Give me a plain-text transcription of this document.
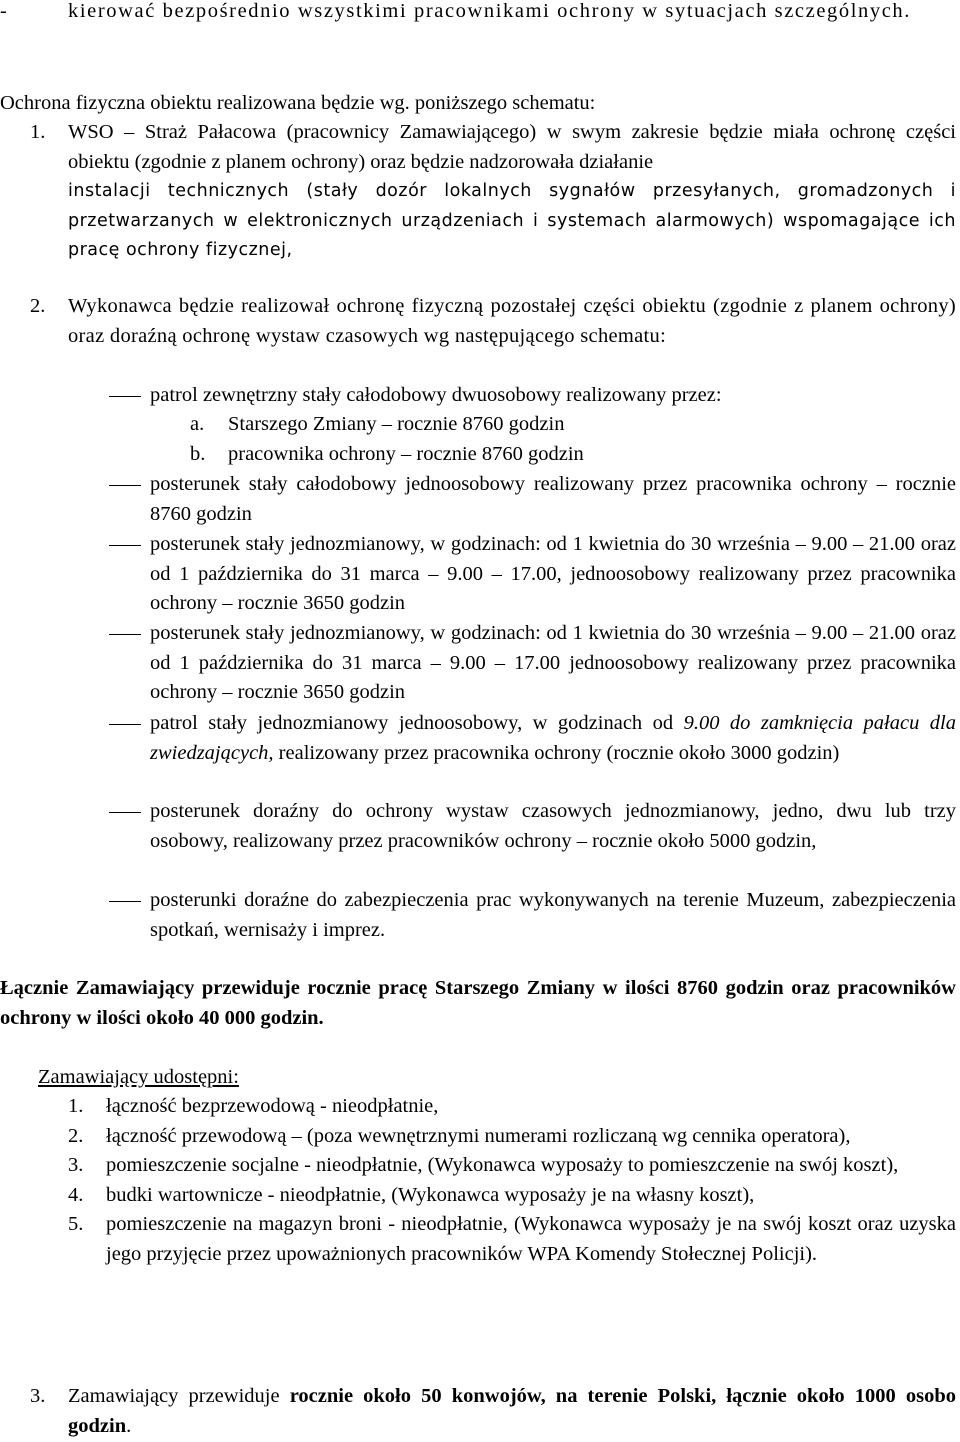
-	kierować bezpośrednio wszystkimi pracownikami ochrony w sytuacjach szczególnych.

Ochrona fizyczna obiektu realizowana będzie wg. poniższego schematu:

1. WSO – Straż Pałacowa (pracownicy Zamawiającego) w swym zakresie będzie miała ochronę części obiektu (zgodnie z planem ochrony) oraz będzie nadzorowała działanie

instalacji technicznych (stały dozór lokalnych sygnałów przesyłanych, gromadzonych i przetwarzanych w elektronicznych urządzeniach i systemach alarmowych) wspomagające ich pracę ochrony fizycznej,

2. Wykonawca będzie realizował ochronę fizyczną pozostałej części obiektu (zgodnie z planem ochrony) oraz doraźną ochronę wystaw czasowych wg następującego schematu:

patrol zewnętrzny stały całodobowy dwuosobowy realizowany przez:

a. Starszego Zmiany – rocznie 8760 godzin
b. pracownika ochrony – rocznie 8760 godzin

posterunek stały całodobowy jednoosobowy realizowany przez pracownika ochrony – rocznie 8760 godzin

posterunek stały jednozmianowy, w godzinach: od 1 kwietnia do 30 września – 9.00 – 21.00 oraz od 1 października do 31 marca – 9.00 – 17.00, jednoosobowy realizowany przez pracownika ochrony – rocznie 3650 godzin

posterunek stały jednozmianowy, w godzinach: od 1 kwietnia do 30 września – 9.00 – 21.00 oraz od 1 października do 31 marca – 9.00 – 17.00 jednoosobowy realizowany przez pracownika ochrony – rocznie 3650 godzin

patrol stały jednozmianowy jednoosobowy, w godzinach od 9.00 do zamknięcia pałacu dla zwiedzających, realizowany przez pracownika ochrony (rocznie około 3000 godzin)

posterunek doraźny do ochrony wystaw czasowych jednozmianowy, jedno, dwu lub trzy osobowy, realizowany przez pracowników ochrony – rocznie około 5000 godzin,

posterunki doraźne do zabezpieczenia prac wykonywanych na terenie Muzeum, zabezpieczenia spotkań, wernisaży i imprez.

Łącznie Zamawiający przewiduje rocznie pracę Starszego Zmiany w ilości 8760 godzin oraz pracowników ochrony w ilości około 40 000 godzin.

Zamawiający udostępni:
1. łączność bezprzewodową - nieodpłatnie,

2. łączność przewodową – (poza wewnętrznymi numerami rozliczaną wg cennika operatora),

3. pomieszczenie socjalne - nieodpłatnie, (Wykonawca wyposaży to pomieszczenie na swój koszt),

4. budki wartownicze - nieodpłatnie, (Wykonawca wyposaży je na własny koszt),

5. pomieszczenie na magazyn broni - nieodpłatnie, (Wykonawca wyposaży je na swój koszt oraz uzyska jego przyjęcie przez upoważnionych pracowników WPA Komendy Stołecznej Policji).

3. Zamawiający przewiduje rocznie około 50 konwojów, na terenie Polski, łącznie około 1000 osobo godzin.
